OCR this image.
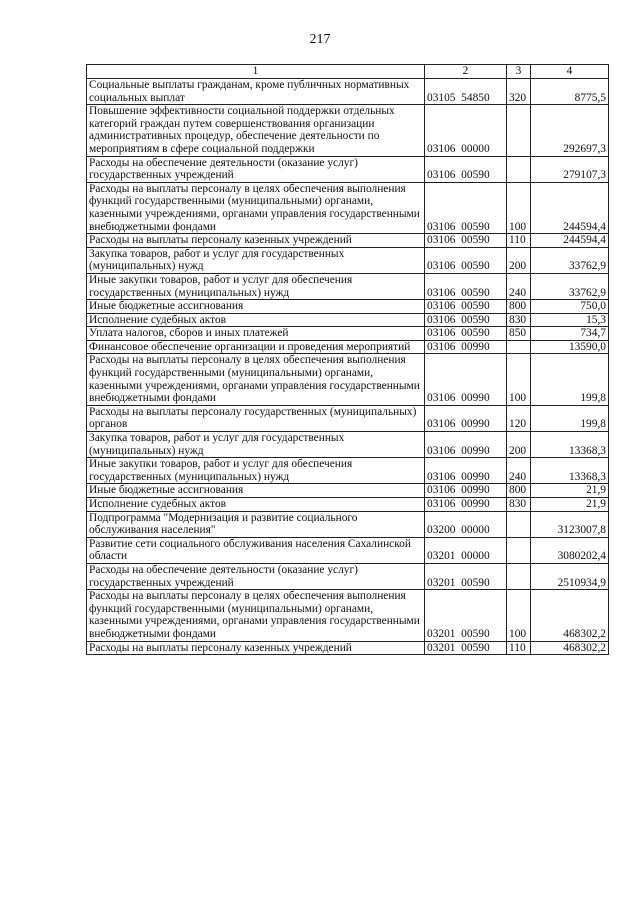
217
1	2	3	4
Социальные выплаты гражданам, кроме публичных нормативных социальных выплат	03105  54850	320	8775,5
Повышение эффективности социальной поддержки отдельных категорий граждан путем совершенствования организации административных процедур, обеспечение деятельности по мероприятиям в сфере социальной поддержки	03106  00000		292697,3
Расходы на обеспечение деятельности (оказание услуг) государственных учреждений	03106  00590		279107,3
Расходы на выплаты персоналу в целях обеспечения выполнения функций государственными (муниципальными) органами, казенными учреждениями, органами управления государственными внебюджетными фондами	03106  00590	100	244594,4
Расходы на выплаты персоналу казенных учреждений	03106  00590	110	244594,4
Закупка товаров, работ и услуг для государственных (муниципальных) нужд	03106  00590	200	33762,9
Иные закупки товаров, работ и услуг для обеспечения государственных (муниципальных) нужд	03106  00590	240	33762,9
Иные бюджетные ассигнования	03106  00590	800	750,0
Исполнение судебных актов	03106  00590	830	15,3
Уплата налогов, сборов и иных платежей	03106  00590	850	734,7
Финансовое обеспечение организации и проведения мероприятий	03106  00990		13590,0
Расходы на выплаты персоналу в целях обеспечения выполнения функций государственными (муниципальными) органами, казенными учреждениями, органами управления государственными внебюджетными фондами	03106  00990	100	199,8
Расходы на выплаты персоналу государственных (муниципальных) органов	03106  00990	120	199,8
Закупка товаров, работ и услуг для государственных (муниципальных) нужд	03106  00990	200	13368,3
Иные закупки товаров, работ и услуг для обеспечения государственных (муниципальных) нужд	03106  00990	240	13368,3
Иные бюджетные ассигнования	03106  00990	800	21,9
Исполнение судебных актов	03106  00990	830	21,9
Подпрограмма "Модернизация и развитие социального обслуживания населения"	03200  00000		3123007,8
Развитие сети социального обслуживания населения Сахалинской области	03201  00000		3080202,4
Расходы на обеспечение деятельности (оказание услуг) государственных учреждений	03201  00590		2510934,9
Расходы на выплаты персоналу в целях обеспечения выполнения функций государственными (муниципальными) органами, казенными учреждениями, органами управления государственными внебюджетными фондами	03201  00590	100	468302,2
Расходы на выплаты персоналу казенных учреждений	03201  00590	110	468302,2
